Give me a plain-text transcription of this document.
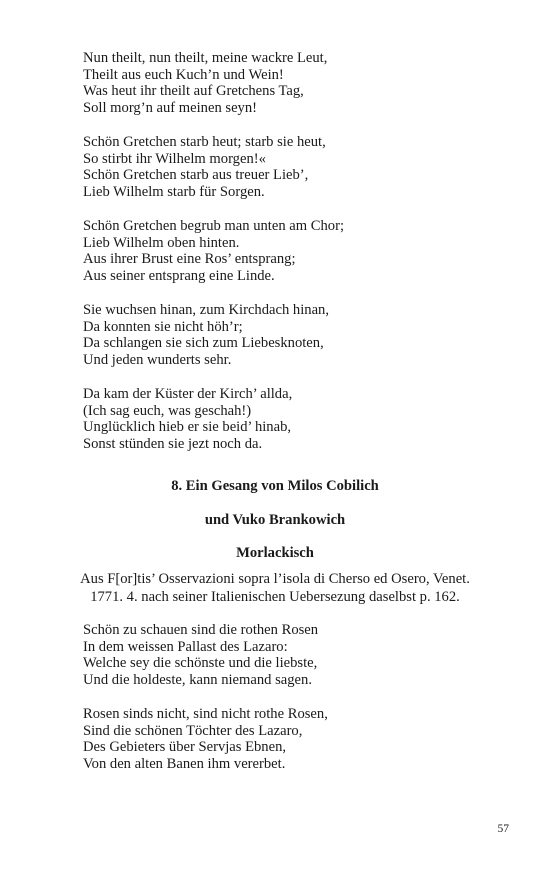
Nun theilt, nun theilt, meine wackre Leut,
Theilt aus euch Kuch’n und Wein!
Was heut ihr theilt auf Gretchens Tag,
Soll morg’n auf meinen seyn!
Schön Gretchen starb heut; starb sie heut,
So stirbt ihr Wilhelm morgen!«
Schön Gretchen starb aus treuer Lieb’,
Lieb Wilhelm starb für Sorgen.
Schön Gretchen begrub man unten am Chor;
Lieb Wilhelm oben hinten.
Aus ihrer Brust eine Ros’ entsprang;
Aus seiner entsprang eine Linde.
Sie wuchsen hinan, zum Kirchdach hinan,
Da konnten sie nicht höh’r;
Da schlangen sie sich zum Liebesknoten,
Und jeden wunderts sehr.
Da kam der Küster der Kirch’ allda,
(Ich sag euch, was geschah!)
Unglücklich hieb er sie beid’ hinab,
Sonst stünden sie jezt noch da.
8. Ein Gesang von Milos Cobilich
und Vuko Brankowich
Morlackisch
Aus F[or]tis’ Osservazioni sopra l’isola di Cherso ed Osero, Venet.
1771. 4. nach seiner Italienischen Uebersezung daselbst p. 162.
Schön zu schauen sind die rothen Rosen
In dem weissen Pallast des Lazaro:
Welche sey die schönste und die liebste,
Und die holdeste, kann niemand sagen.
Rosen sinds nicht, sind nicht rothe Rosen,
Sind die schönen Töchter des Lazaro,
Des Gebieters über Servjas Ebnen,
Von den alten Banen ihm vererbet.
57
